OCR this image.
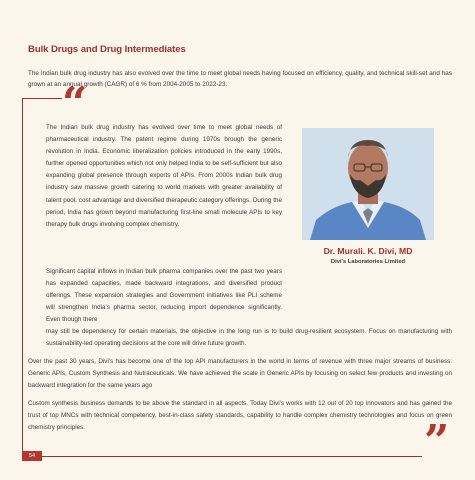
Bulk Drugs and Drug Intermediates
The Indian bulk drug industry has also evolved over the time to meet global needs having focused on efficiency, quality, and technical skill-set and has grown at an annual growth (CAGR) of 6 % from 2004-2005 to 2022-23.
“
Dr. Murali. K. Divi, MD
Divi's Laboratories Limited
The Indian bulk drug industry has evolved over time to meet global needs of pharmaceutical industry. The patent regime during 1970s brough the generic revolution in India. Economic liberalization policies introduced in the early 1990s, further opened opportunities which not only helped India to be self-sufficient but also expanding global presence through exports of APIs. From 2000s Indian bulk drug industry saw massive growth catering to world markets with greater availability of talent pool, cost advantage and diversified therapeutic category offerings. During the period, India has grown beyond manufacturing first-line small molecule APIs to key therapy bulk drugs involving complex chemistry.
Significant capital inflows in Indian bulk pharma companies over the past two years has expanded capacities, made backward integrations, and diversified product offerings. These expansion strategies and Government initiatives like PLI scheme will strengthen India's pharma sector, reducing import dependence significantly. Even though there
may still be dependency for certain materials, the objective in the long run is to build drug-resilient ecosystem. Focus on manufacturing with sustainability-led operating decisions at the core will drive future growth.
Over the past 30 years, Divi's has become one of the top API manufacturers in the world in terms of revenue with three major streams of business: Generic APIs, Custom Synthesis and Nutraceuticals. We have achieved the scale in Generic APIs by focusing on select few products and investing on backward integration for the same years ago
Custom synthesis business demands to be above the standard in all aspects. Today Divi's works with 12 out of 20 top innovators and has gained the trust of top MNCs with technical competency, best-in-class safety standards, capability to handle complex chemistry technologies and focus on green chemistry principles.	”
54
